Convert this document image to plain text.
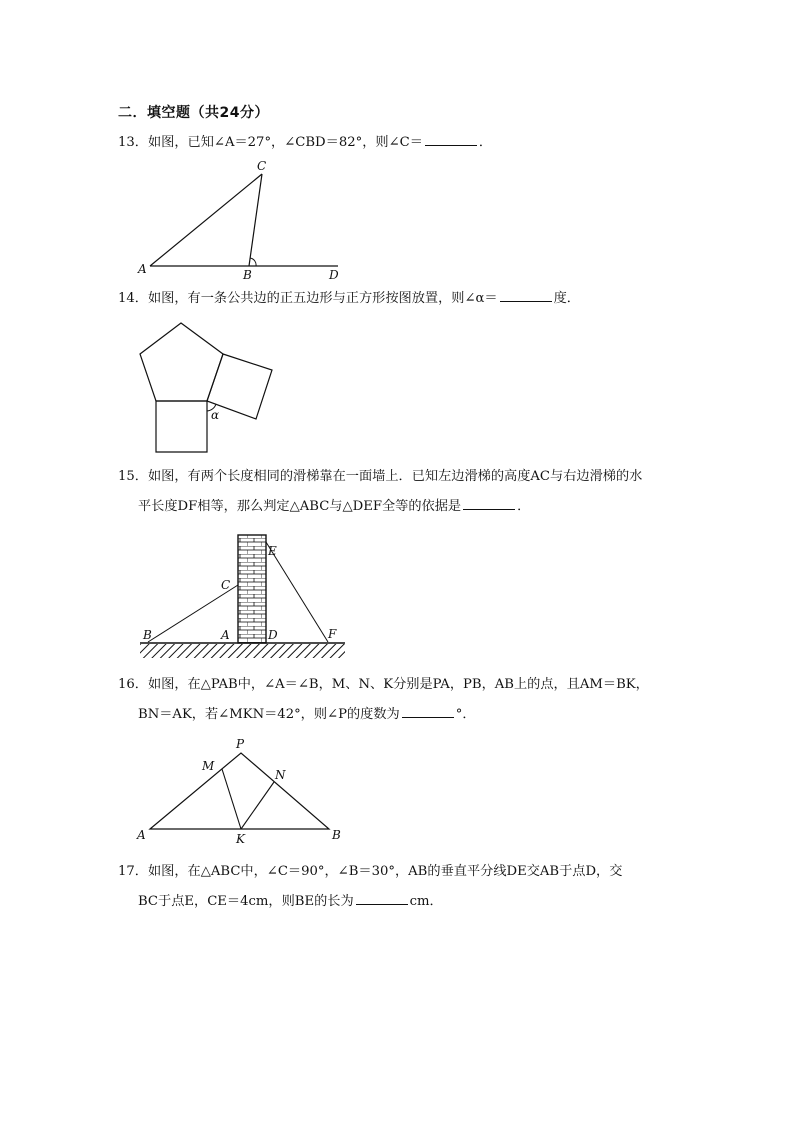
二．填空题（共24分）
13．如图，已知∠A＝27°，∠CBD＝82°，则∠C＝	．
A	B
C
D
14．如图，有一条公共边的正五边形与正方形按图放置，则∠α＝	度．
α
15．如图，有两个长度相同的滑梯靠在一面墙上．已知左边滑梯的高度AC与右边滑梯的水
平长度DF相等，那么判定△ABC与△DEF全等的依据是	．
B	A
C
D
E
F
16．如图，在△PAB中，∠A＝∠B，M、N、K分别是PA，PB，AB上的点，且AM＝BK，
BN＝AK，若∠MKN＝42°，则∠P的度数为	°．
P
M
N
A	K	B
17．如图，在△ABC中，∠C＝90°，∠B＝30°，AB的垂直平分线DE交AB于点D，交
BC于点E，CE＝4cm，则BE的长为	cm．
